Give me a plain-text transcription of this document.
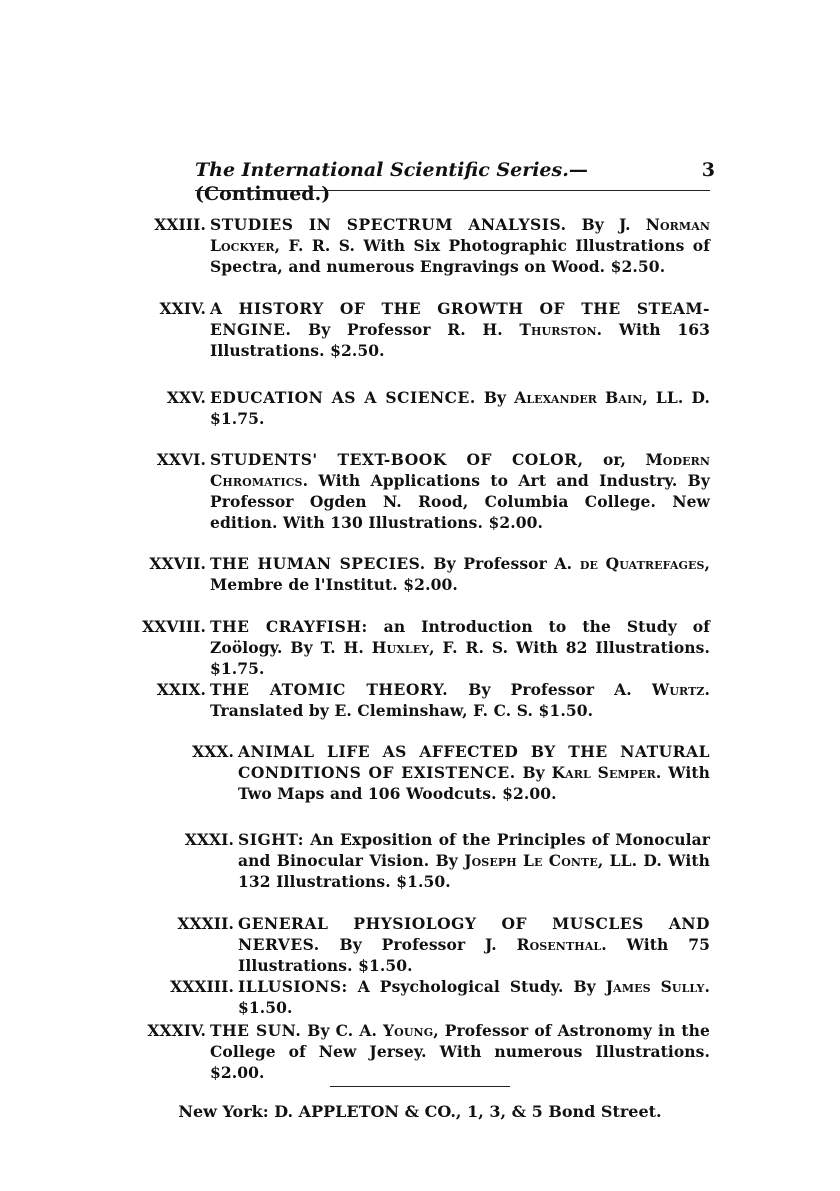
The International Scientific Series.—(Continued.)
3
XXIII. STUDIES IN SPECTRUM ANALYSIS. By J. Norman Lockyer, F. R. S. With Six Photographic Illustrations of Spectra, and numerous Engravings on Wood. $2.50.
XXIV. A HISTORY OF THE GROWTH OF THE STEAM-ENGINE. By Professor R. H. Thurston. With 163 Illustrations. $2.50.
XXV. EDUCATION AS A SCIENCE. By Alexander Bain, LL. D. $1.75.
XXVI. STUDENTS' TEXT-BOOK OF COLOR, or, Modern Chromatics. With Applications to Art and Industry. By Professor Ogden N. Rood, Columbia College. New edition. With 130 Illustrations. $2.00.
XXVII. THE HUMAN SPECIES. By Professor A. de Quatrefages, Membre de l'Institut. $2.00.
XXVIII. THE CRAYFISH: an Introduction to the Study of Zoölogy. By T. H. Huxley, F. R. S. With 82 Illustrations. $1.75.
XXIX. THE ATOMIC THEORY. By Professor A. Wurtz. Translated by E. Cleminshaw, F. C. S. $1.50.
XXX. ANIMAL LIFE AS AFFECTED BY THE NATURAL CONDITIONS OF EXISTENCE. By Karl Semper. With Two Maps and 106 Woodcuts. $2.00.
XXXI. SIGHT: An Exposition of the Principles of Monocular and Binocular Vision. By Joseph Le Conte, LL. D. With 132 Illustrations. $1.50.
XXXII. GENERAL PHYSIOLOGY OF MUSCLES AND NERVES. By Professor J. Rosenthal. With 75 Illustrations. $1.50.
XXXIII. ILLUSIONS: A Psychological Study. By James Sully. $1.50.
XXXIV. THE SUN. By C. A. Young, Professor of Astronomy in the College of New Jersey. With numerous Illustrations. $2.00.
New York: D. APPLETON & CO., 1, 3, & 5 Bond Street.
